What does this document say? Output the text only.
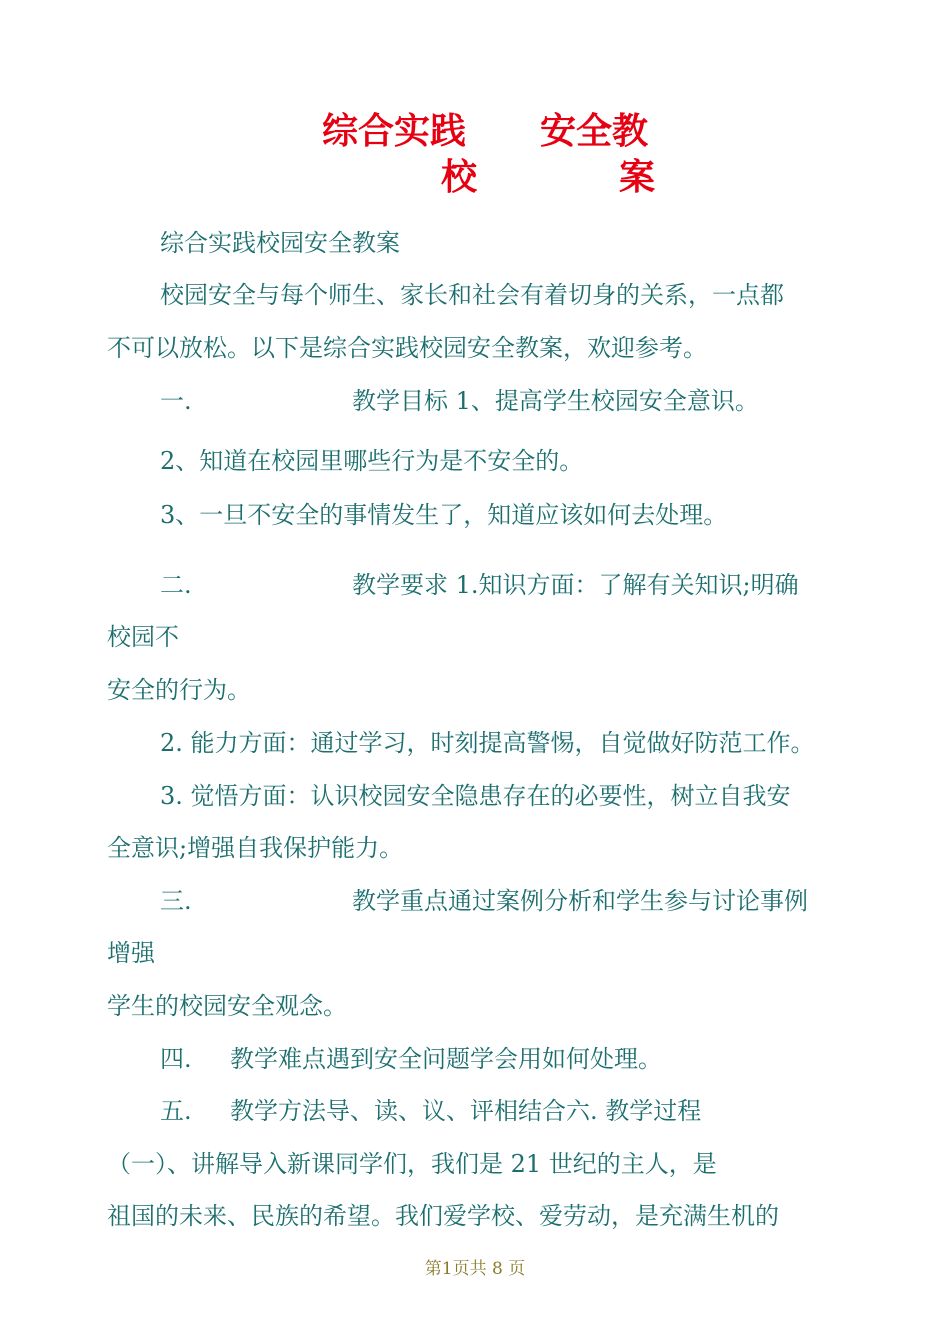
综合实践 安全教
校	案
综合实践校园安全教案
校园安全与每个师生、家长和社会有着切身的关系，一点都
不可以放松。以下是综合实践校园安全教案，欢迎参考。
一.	教学目标 1、提高学生校园安全意识。
2、知道在校园里哪些行为是不安全的。
3、一旦不安全的事情发生了，知道应该如何去处理。
二.	教学要求 1.知识方面：了解有关知识;明确
校园不
安全的行为。
2. 能力方面：通过学习，时刻提高警惕，自觉做好防范工作。
3. 觉悟方面：认识校园安全隐患存在的必要性，树立自我安
全意识;增强自我保护能力。
三.	教学重点通过案例分析和学生参与讨论事例
增强
学生的校园安全观念。
四. 教学难点遇到安全问题学会用如何处理。
五. 教学方法导、读、议、评相结合六. 教学过程
（一）、讲解导入新课同学们，我们是 21 世纪的主人，是
祖国的未来、民族的希望。我们爱学校、爱劳动，是充满生机的
第1页共 8 页
